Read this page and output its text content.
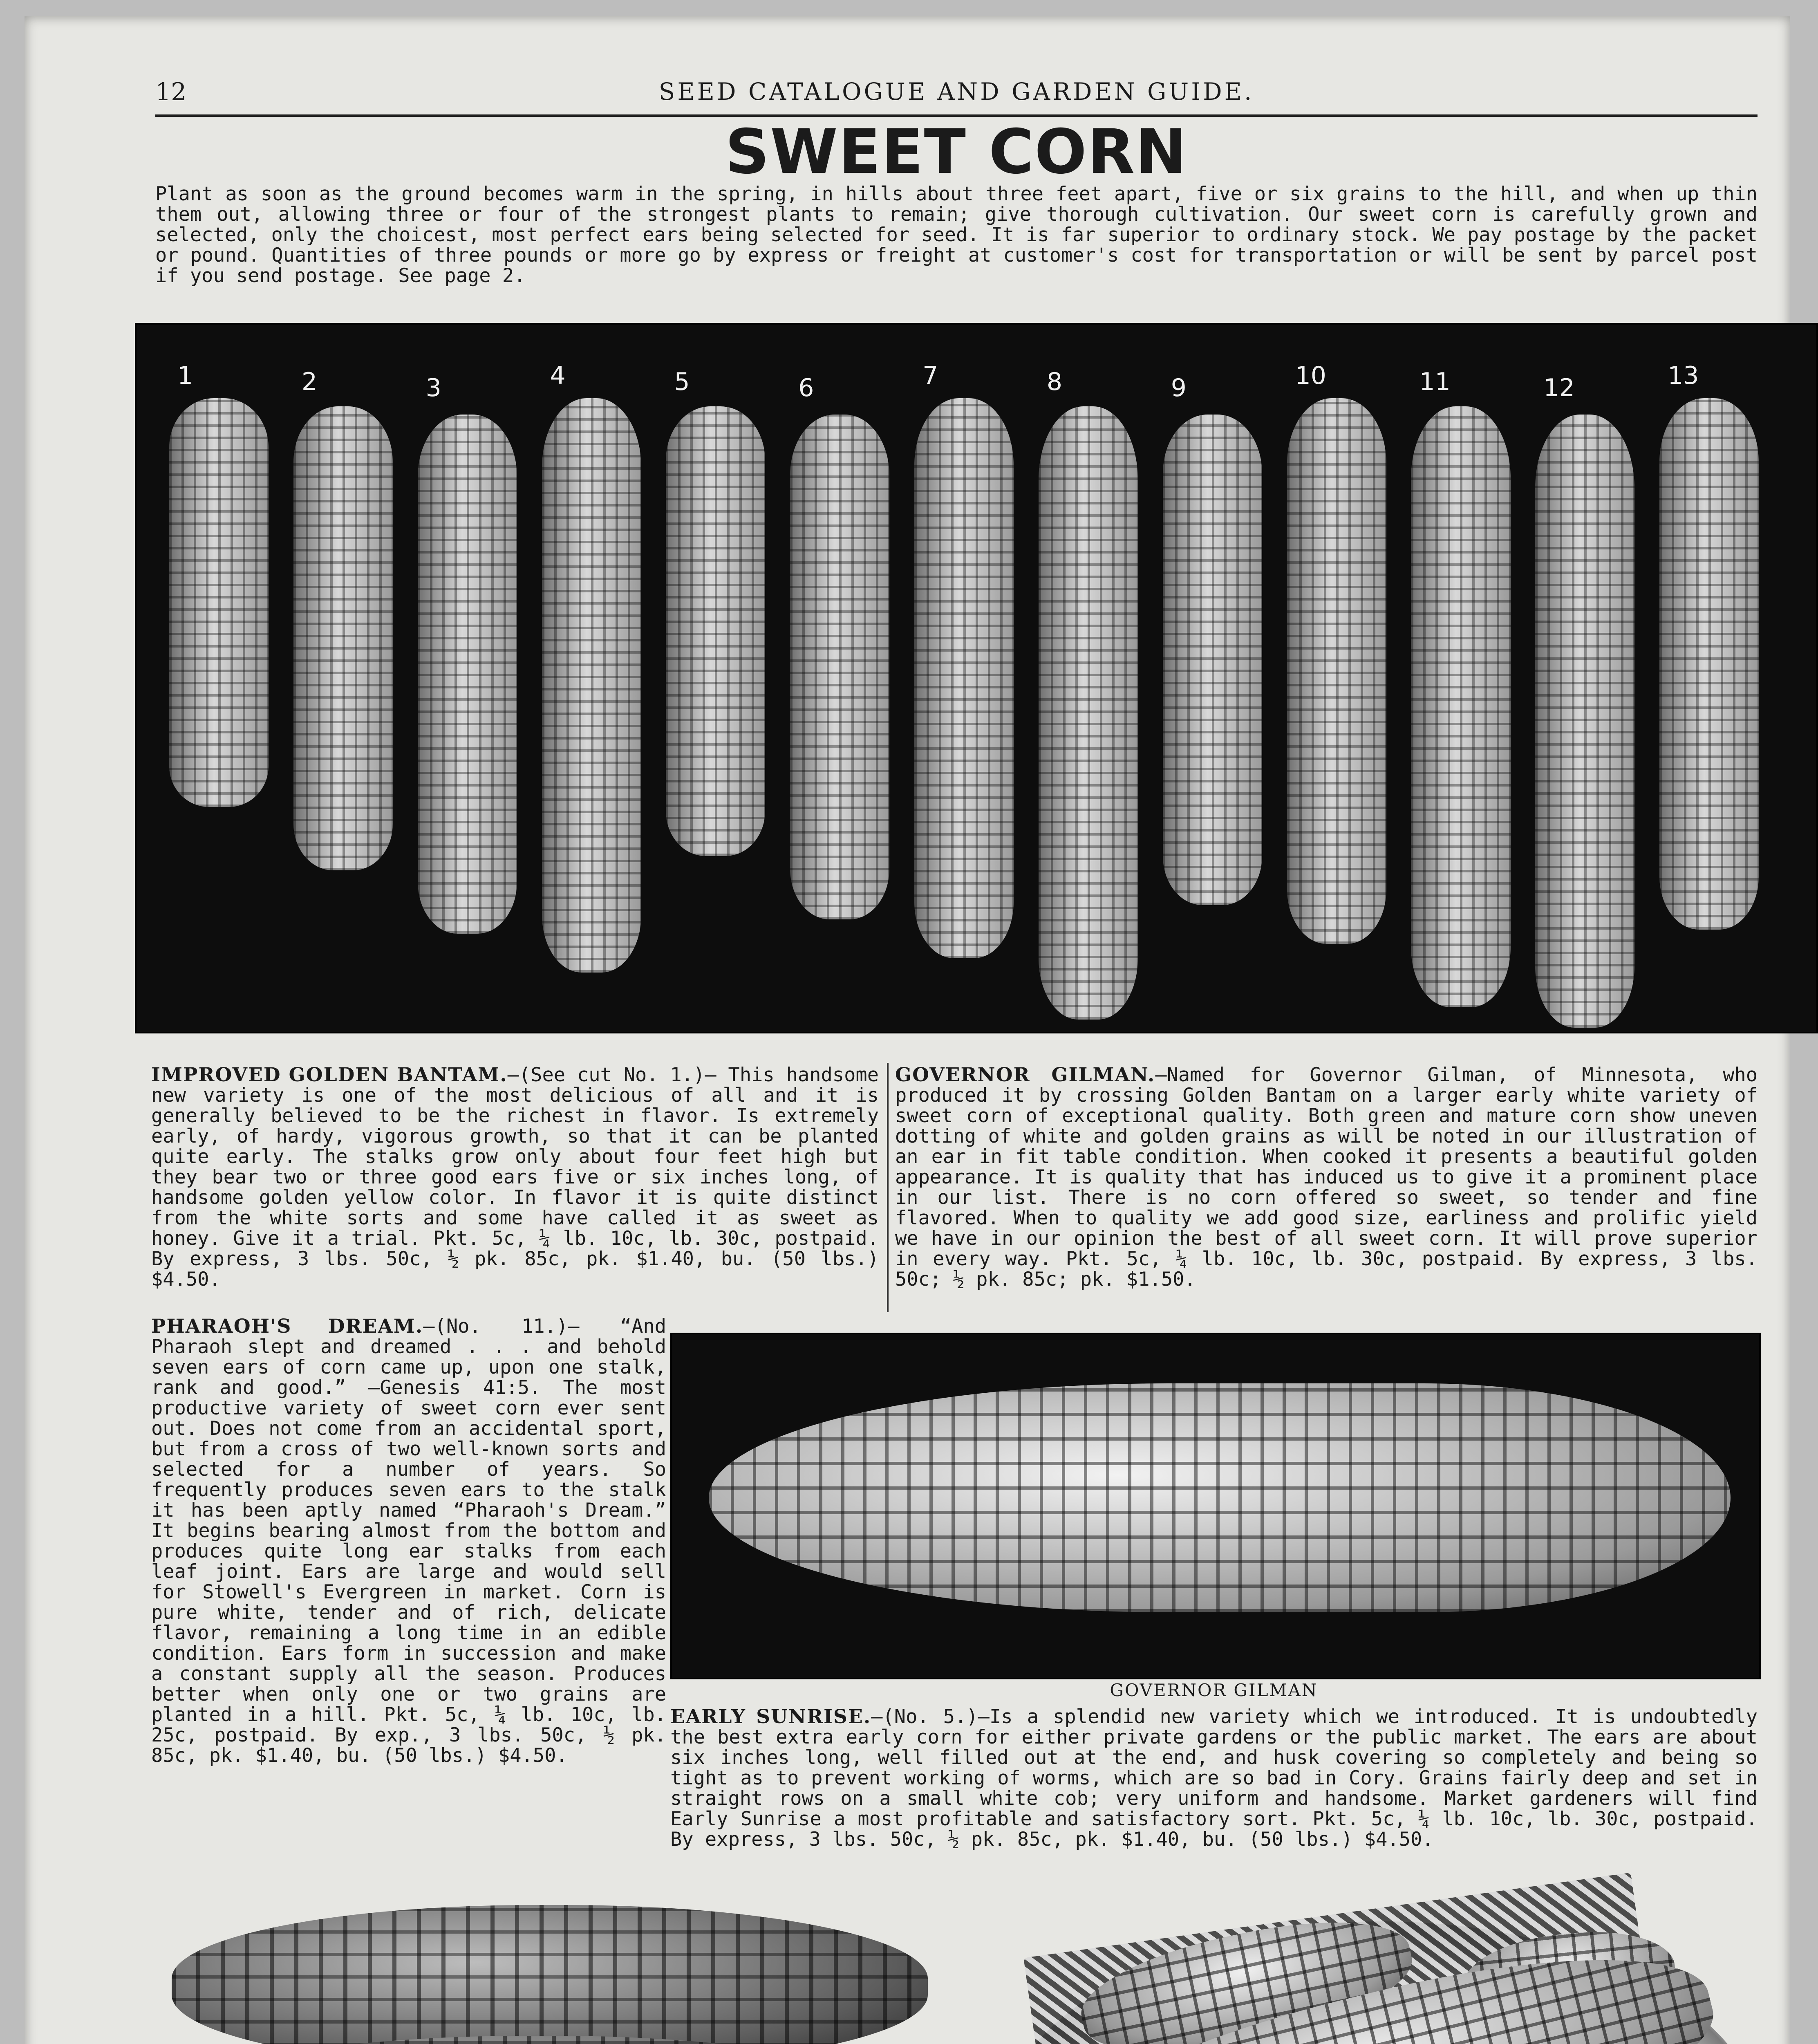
12	SEED CATALOGUE AND GARDEN GUIDE.
SWEET CORN
Plant as soon as the ground becomes warm in the spring, in hills about three feet apart, five or six grains to the hill, and when up thin them out, allowing three or four of the strongest plants to remain; give thorough cultivation. Our sweet corn is carefully grown and selected, only the choicest, most perfect ears being selected for seed. It is far superior to ordinary stock. We pay postage by the packet or pound. Quantities of three pounds or more go by express or freight at customer's cost for transportation or will be sent by parcel post if you send postage. See page 2.
1	2	3	4	5	6	7	8	9	10	11	12	13
IMPROVED GOLDEN BANTAM.—(See cut No. 1.)— This handsome new variety is one of the most delicious of all and it is generally believed to be the richest in flavor. Is extremely early, of hardy, vigorous growth, so that it can be planted quite early. The stalks grow only about four feet high but they bear two or three good ears five or six inches long, of handsome golden yellow color. In flavor it is quite distinct from the white sorts and some have called it as sweet as honey. Give it a trial. Pkt. 5c, ¼ lb. 10c, lb. 30c, postpaid. By express, 3 lbs. 50c, ½ pk. 85c, pk. $1.40, bu. (50 lbs.) $4.50.
GOVERNOR GILMAN.—Named for Governor Gilman, of Minnesota, who produced it by crossing Golden Bantam on a larger early white variety of sweet corn of exceptional quality. Both green and mature corn show uneven dotting of white and golden grains as will be noted in our illustration of an ear in fit table condition. When cooked it presents a beautiful golden appearance. It is quality that has induced us to give it a prominent place in our list. There is no corn offered so sweet, so tender and fine flavored. When to quality we add good size, earliness and prolific yield we have in our opinion the best of all sweet corn. It will prove superior in every way. Pkt. 5c, ¼ lb. 10c, lb. 30c, postpaid. By express, 3 lbs. 50c; ½ pk. 85c; pk. $1.50.
PHARAOH'S DREAM.—(No. 11.)— “And Pharaoh slept and dreamed . . . and behold seven ears of corn came up, upon one stalk, rank and good.” —Genesis 41:5. The most productive variety of sweet corn ever sent out. Does not come from an accidental sport, but from a cross of two well-known sorts and selected for a number of years. So frequently produces seven ears to the stalk it has been aptly named “Pharaoh's Dream.” It begins bearing almost from the bottom and produces quite long ear stalks from each leaf joint. Ears are large and would sell for Stowell's Evergreen in market. Corn is pure white, tender and of rich, delicate flavor, remaining a long time in an edible condition. Ears form in succession and make a constant supply all the season. Produces better when only one or two grains are planted in a hill. Pkt. 5c, ¼ lb. 10c, lb. 25c, postpaid. By exp., 3 lbs. 50c, ½ pk. 85c, pk. $1.40, bu. (50 lbs.) $4.50.
GOVERNOR GILMAN
EARLY SUNRISE.—(No. 5.)—Is a splendid new variety which we introduced. It is undoubtedly the best extra early corn for either private gardens or the public market. The ears are about six inches long, well filled out at the end, and husk covering so completely and being so tight as to prevent working of worms, which are so bad in Cory. Grains fairly deep and set in straight rows on a small white cob; very uniform and handsome. Market gardeners will find Early Sunrise a most profitable and satisfactory sort. Pkt. 5c, ¼ lb. 10c, lb. 30c, postpaid. By express, 3 lbs. 50c, ½ pk. 85c, pk. $1.40, bu. (50 lbs.) $4.50.
